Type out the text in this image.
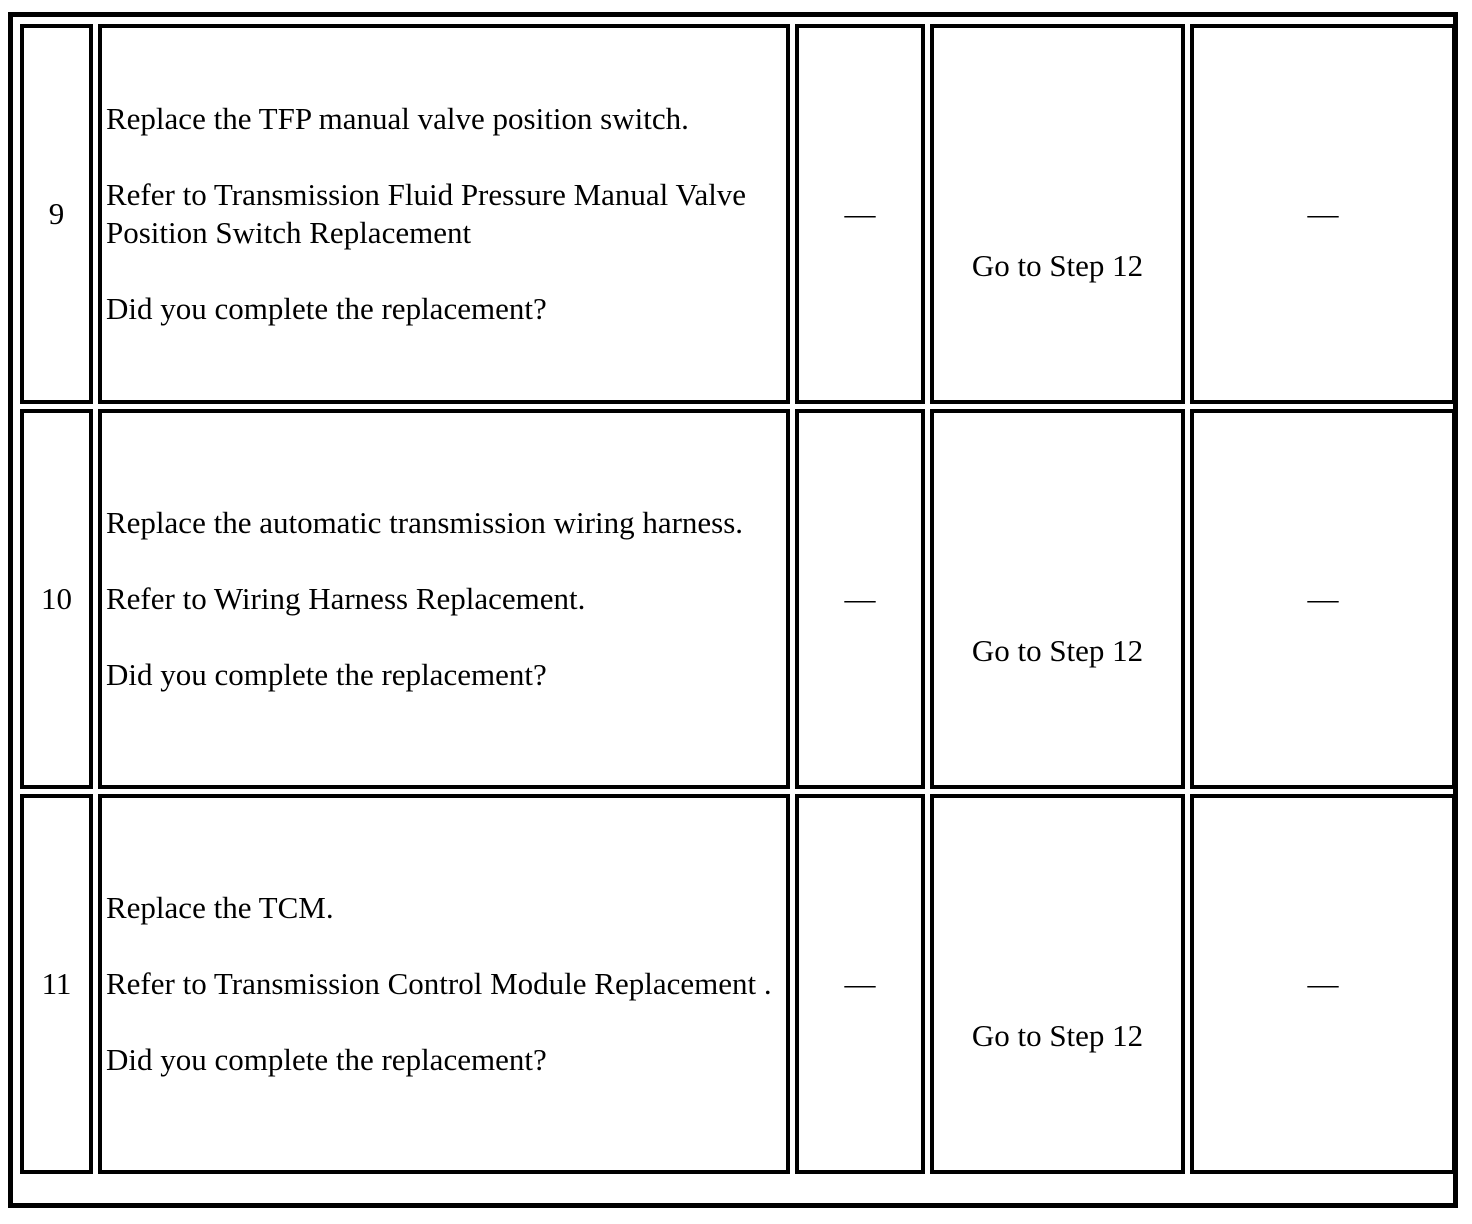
9	Replace the TFP manual valve position switch.

Refer to Transmission Fluid Pressure Manual Valve Position Switch Replacement

Did you complete the replacement?	—	Go to Step 12	—
10	Replace the automatic transmission wiring harness.

Refer to Wiring Harness Replacement.

Did you complete the replacement?	—	Go to Step 12	—
11	Replace the TCM.

Refer to Transmission Control Module Replacement .

Did you complete the replacement?	—	Go to Step 12	—
